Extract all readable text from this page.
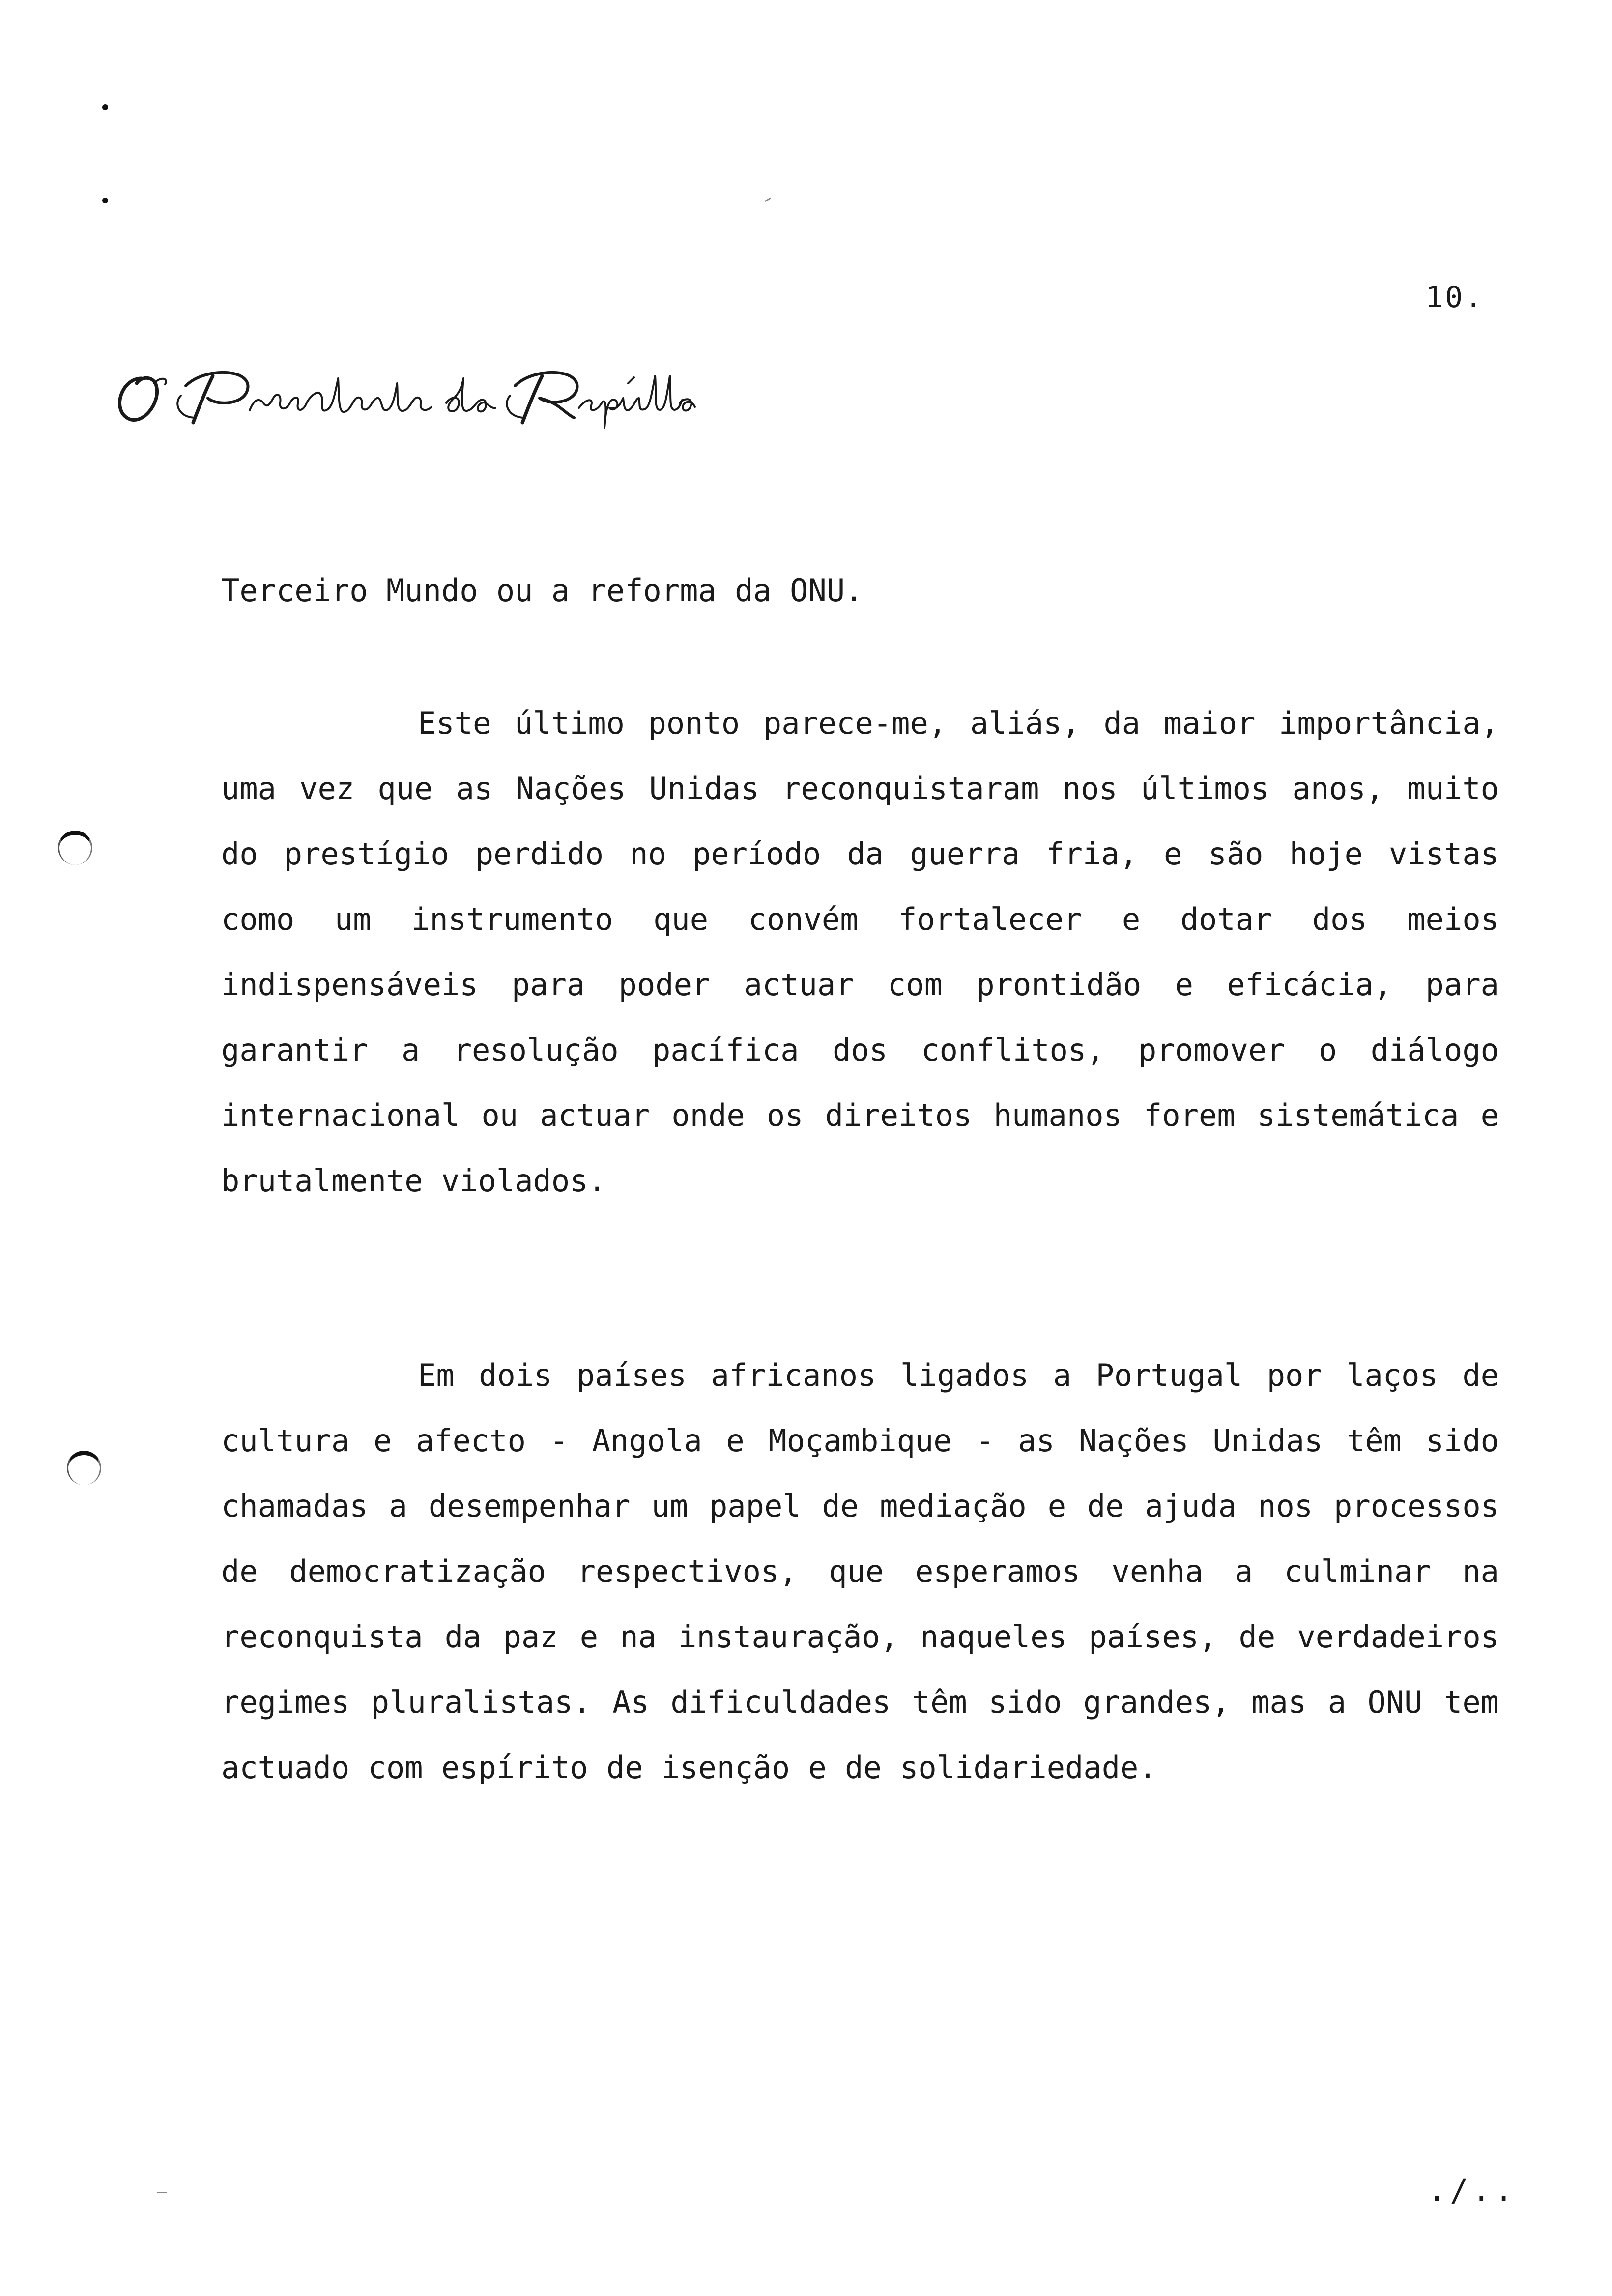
10.
Terceiro Mundo ou a reforma da ONU.

Este último ponto parece-me, aliás, da maior importância, uma vez que as Nações Unidas reconquistaram nos últimos anos, muito do prestígio perdido no período da guerra fria, e são hoje vistas como um instrumento que convém fortalecer e dotar dos meios indispensáveis para poder actuar com prontidão e eficácia, para garantir a resolução pacífica dos conflitos, promover o diálogo internacional ou actuar onde os direitos humanos forem sistemática e brutalmente violados.

Em dois países africanos ligados a Portugal por laços de cultura e afecto - Angola e Moçambique - as Nações Unidas têm sido chamadas a desempenhar um papel de mediação e de ajuda nos processos de democratização respectivos, que esperamos venha a culminar na reconquista da paz e na instauração, naqueles países, de verdadeiros regimes pluralistas. As dificuldades têm sido grandes, mas a ONU tem actuado com espírito de isenção e de solidariedade.

./..
